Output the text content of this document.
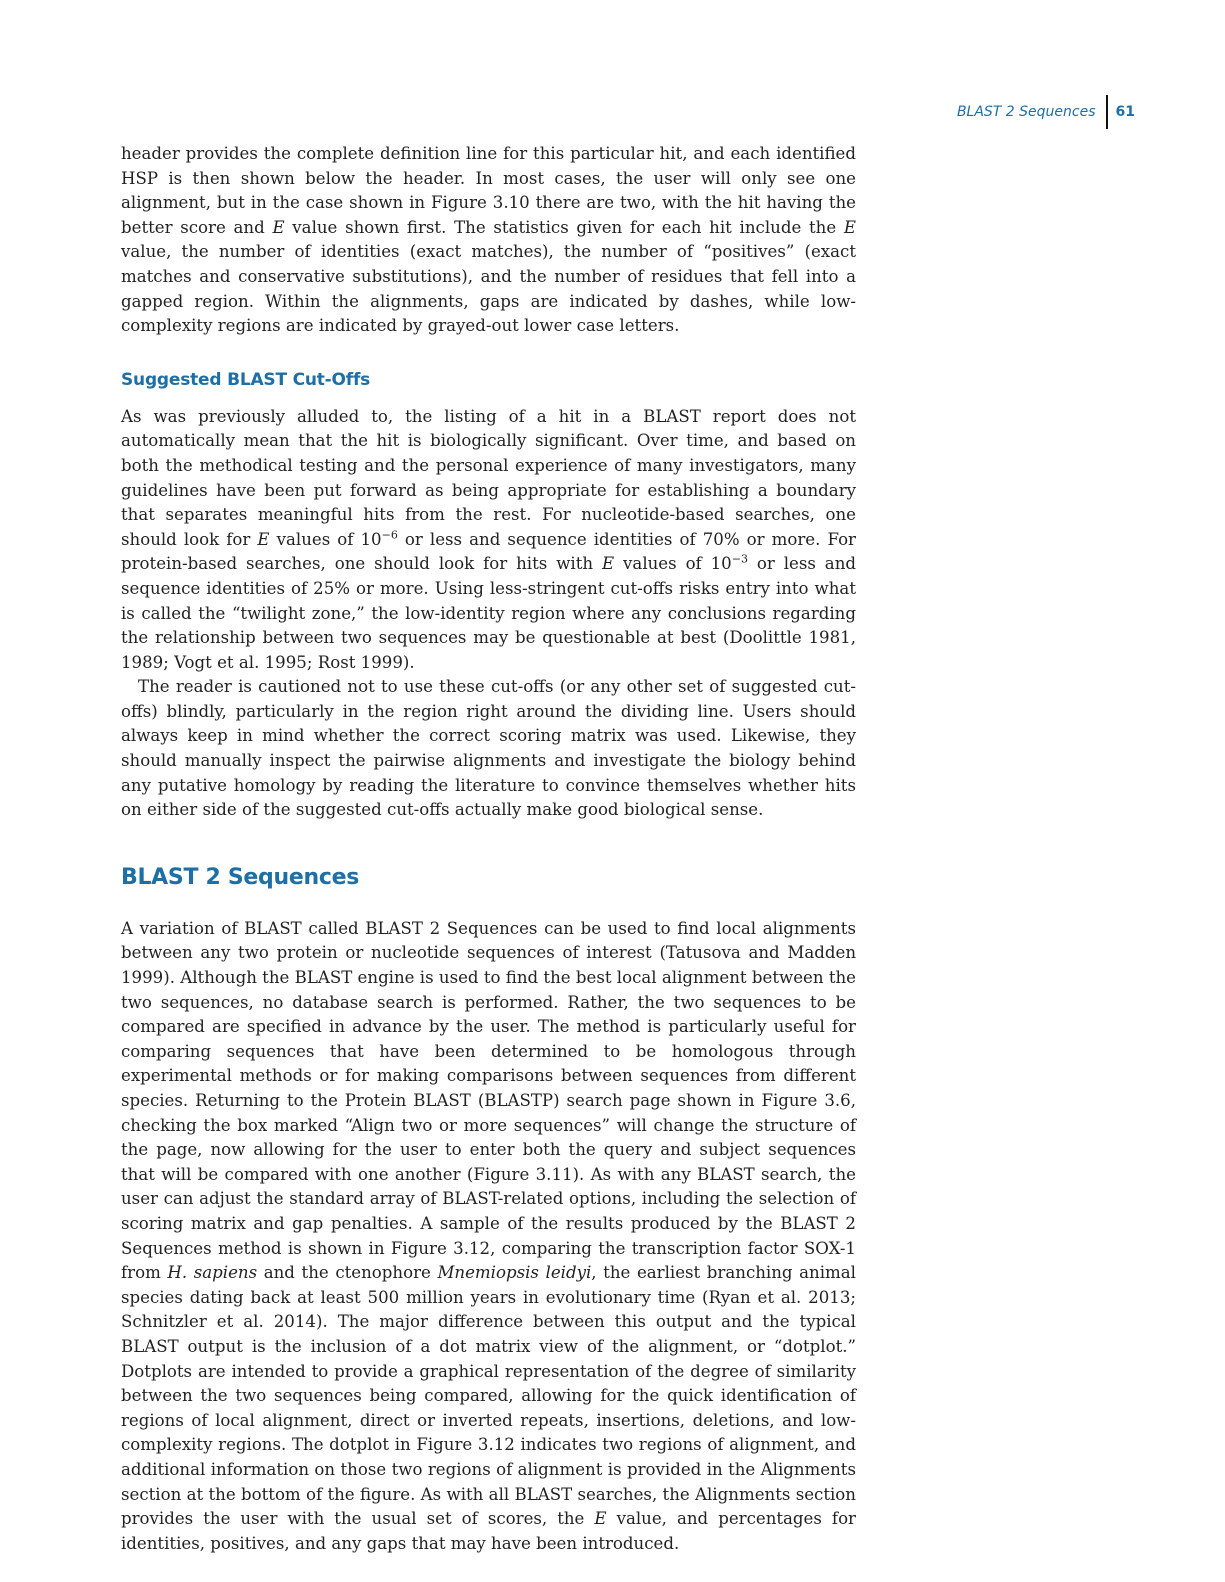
BLAST 2 Sequences	61

header provides the complete definition line for this particular hit, and each identified HSP is then shown below the header. In most cases, the user will only see one alignment, but in the case shown in Figure 3.10 there are two, with the hit having the better score and E value shown first. The statistics given for each hit include the E value, the number of identities (exact matches), the number of “positives” (exact matches and conservative substitutions), and the number of residues that fell into a gapped region. Within the alignments, gaps are indicated by dashes, while low-complexity regions are indicated by grayed-out lower case letters.

Suggested BLAST Cut-Offs

As was previously alluded to, the listing of a hit in a BLAST report does not automatically mean that the hit is biologically significant. Over time, and based on both the methodical testing and the personal experience of many investigators, many guidelines have been put forward as being appropriate for establishing a boundary that separates meaningful hits from the rest. For nucleotide-based searches, one should look for E values of $10^{-6}$ or less and sequence identities of 70% or more. For protein-based searches, one should look for hits with E values of $10^{-3}$ or less and sequence identities of 25% or more. Using less-stringent cut-offs risks entry into what is called the “twilight zone,” the low-identity region where any conclusions regarding the relationship between two sequences may be questionable at best (Doolittle 1981, 1989; Vogt et al. 1995; Rost 1999).

The reader is cautioned not to use these cut-offs (or any other set of suggested cut-offs) blindly, particularly in the region right around the dividing line. Users should always keep in mind whether the correct scoring matrix was used. Likewise, they should manually inspect the pairwise alignments and investigate the biology behind any putative homology by reading the literature to convince themselves whether hits on either side of the suggested cut-offs actually make good biological sense.

BLAST 2 Sequences

A variation of BLAST called BLAST 2 Sequences can be used to find local alignments between any two protein or nucleotide sequences of interest (Tatusova and Madden 1999). Although the BLAST engine is used to find the best local alignment between the two sequences, no database search is performed. Rather, the two sequences to be compared are specified in advance by the user. The method is particularly useful for comparing sequences that have been determined to be homologous through experimental methods or for making comparisons between sequences from different species. Returning to the Protein BLAST (BLASTP) search page shown in Figure 3.6, checking the box marked “Align two or more sequences” will change the structure of the page, now allowing for the user to enter both the query and subject sequences that will be compared with one another (Figure 3.11). As with any BLAST search, the user can adjust the standard array of BLAST-related options, including the selection of scoring matrix and gap penalties. A sample of the results produced by the BLAST 2 Sequences method is shown in Figure 3.12, comparing the transcription factor SOX-1 from H. sapiens and the ctenophore Mnemiopsis leidyi, the earliest branching animal species dating back at least 500 million years in evolutionary time (Ryan et al. 2013; Schnitzler et al. 2014). The major difference between this output and the typical BLAST output is the inclusion of a dot matrix view of the alignment, or “dotplot.” Dotplots are intended to provide a graphical representation of the degree of similarity between the two sequences being compared, allowing for the quick identification of regions of local alignment, direct or inverted repeats, insertions, deletions, and low-complexity regions. The dotplot in Figure 3.12 indicates two regions of alignment, and additional information on those two regions of alignment is provided in the Alignments section at the bottom of the figure. As with all BLAST searches, the Alignments section provides the user with the usual set of scores, the E value, and percentages for identities, positives, and any gaps that may have been introduced.
